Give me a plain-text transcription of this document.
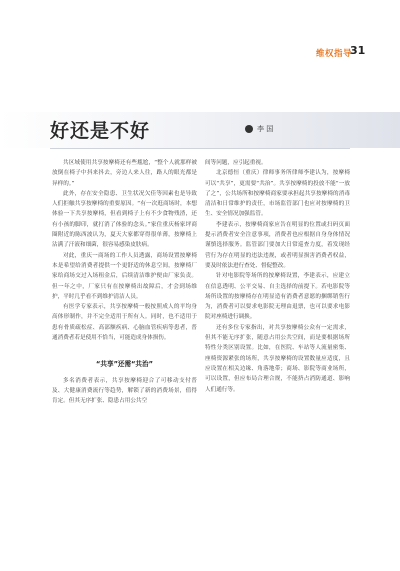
维权指导
31
好还是不好	李 国

共区域使用共享按摩椅还有些尴尬，“整个人就那样被放倒在椅子中抖来抖去，旁边人来人往，路人的眼光都是异样的。”

此外，存在安全隐患、卫生状况欠佳等因素也是导致人们拒触共享按摩椅的重要原因。“有一次逛商场时，本想体验一下共享按摩椅，但看到椅子上有不少食物残渣，还有小孩的脚印，就打消了体验的念头。”家住重庆杨家坪商圈附近的陈西波认为，夏天大家都穿得很单薄，按摩椅上沾满了汗液和细菌，很容易感染皮肤病。

对此，重庆一商场的工作人员透露，商场设置按摩椅本是希望给消费者提供一个更舒适的休息空间，按摩椅厂家给商场交过入场租金后，后续清洁维护便由厂家负责。但一年之中，厂家只有在按摩椅出故障后，才会到场维护，平时几乎看不到维护清洁人员。

有医学专家表示，共享按摩椅一般按照成人的平均身高体形制作，并不完全适用于所有人。同时，也不适用于患有骨质疏松症、高部额疾病、心脑血管疾病等患者，普通消费者若是使用不恰当，可能造成身体损伤。

“共享”还需“共治”

多名消费者表示，共享按摩椅迎合了可移动支付普及、大健康消费流行等趋势，解锁了新的消费场景，值得肯定。但其无序扩张、隐患占用公共空

间等问题，应引起重视。

北京德恒（重庆）律师事务所律师李建认为，按摩椅可以“共享”，更需要“共治”。共享按摩椅的投放不能“一放了之”，公共场所和按摩椅商家要承担起共享按摩椅的消毒清洁和日常维护的责任，市场监管部门也应对按摩椅的卫生、安全情况加强监管。

李建表示，按摩椅商家应告在明显的位置或扫码页面提示消费者安全注意事项，消费者也应根据自身身体情况谨慎选择服务。监管部门要加大日常巡查力度，着发现经营行为存在明显的违法违规，或者明显损害消费者权益，要及时依法进行查处、督促整改。

针对电影院等场所的按摩椅设置，李建表示，应建立在信息透明、公平交易、自主选择的前提下。若电影院等场所设置的按摩椅存在明显造有消费者意愿的捆绑销售行为，消费者可以要求电影院无理由退票，也可以要求电影院对座椅进行调换。

还有多位专家指出，对共享按摩椅公众有一定需求，但其不能无序扩张，随意占用公共空间，而是要根据场所特性分类区别设置。比如，在医院、车站等人流量密集、座椅资源紧张的场所，共享按摩椅的设置数量应适度，且应设置在相关边缘、角落地带；商场、影院等商业场所，可以设置，但应布局合理合规，不能挤占消防通道、影响人们通行等。
